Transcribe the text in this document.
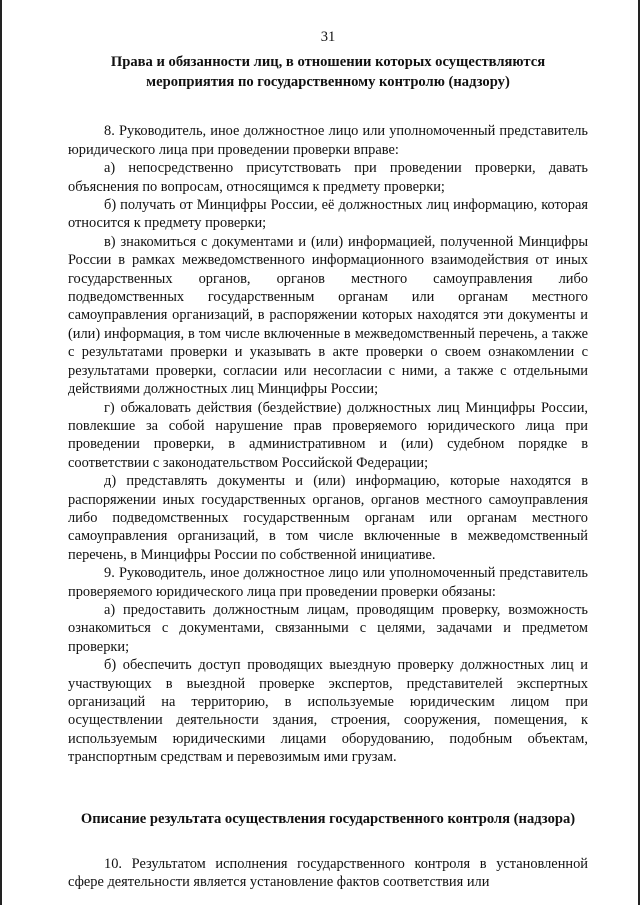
31
Права и обязанности лиц, в отношении которых осуществляются мероприятия по государственному контролю (надзору)

8. Руководитель, иное должностное лицо или уполномоченный представитель юридического лица при проведении проверки вправе:

а) непосредственно присутствовать при проведении проверки, давать объяснения по вопросам, относящимся к предмету проверки;

б) получать от Минцифры России, её должностных лиц информацию, которая относится к предмету проверки;

в) знакомиться с документами и (или) информацией, полученной Минцифры России в рамках межведомственного информационного взаимодействия от иных государственных органов, органов местного самоуправления либо подведомственных государственным органам или органам местного самоуправления организаций, в распоряжении которых находятся эти документы и (или) информация, в том числе включенные в межведомственный перечень, а также с результатами проверки и указывать в акте проверки о своем ознакомлении с результатами проверки, согласии или несогласии с ними, а также с отдельными действиями должностных лиц Минцифры России;

г) обжаловать действия (бездействие) должностных лиц Минцифры России, повлекшие за собой нарушение прав проверяемого юридического лица при проведении проверки, в административном и (или) судебном порядке в соответствии с законодательством Российской Федерации;

д) представлять документы и (или) информацию, которые находятся в распоряжении иных государственных органов, органов местного самоуправления либо подведомственных государственным органам или органам местного самоуправления организаций, в том числе включенные в межведомственный перечень, в Минцифры России по собственной инициативе.

9. Руководитель, иное должностное лицо или уполномоченный представитель проверяемого юридического лица при проведении проверки обязаны:

а) предоставить должностным лицам, проводящим проверку, возможность ознакомиться с документами, связанными с целями, задачами и предметом проверки;

б) обеспечить доступ проводящих выездную проверку должностных лиц и участвующих в выездной проверке экспертов, представителей экспертных организаций на территорию, в используемые юридическим лицом при осуществлении деятельности здания, строения, сооружения, помещения, к используемым юридическими лицами оборудованию, подобным объектам, транспортным средствам и перевозимым ими грузам.

Описание результата осуществления государственного контроля (надзора)

10. Результатом исполнения государственного контроля в установленной сфере деятельности является установление фактов соответствия или
